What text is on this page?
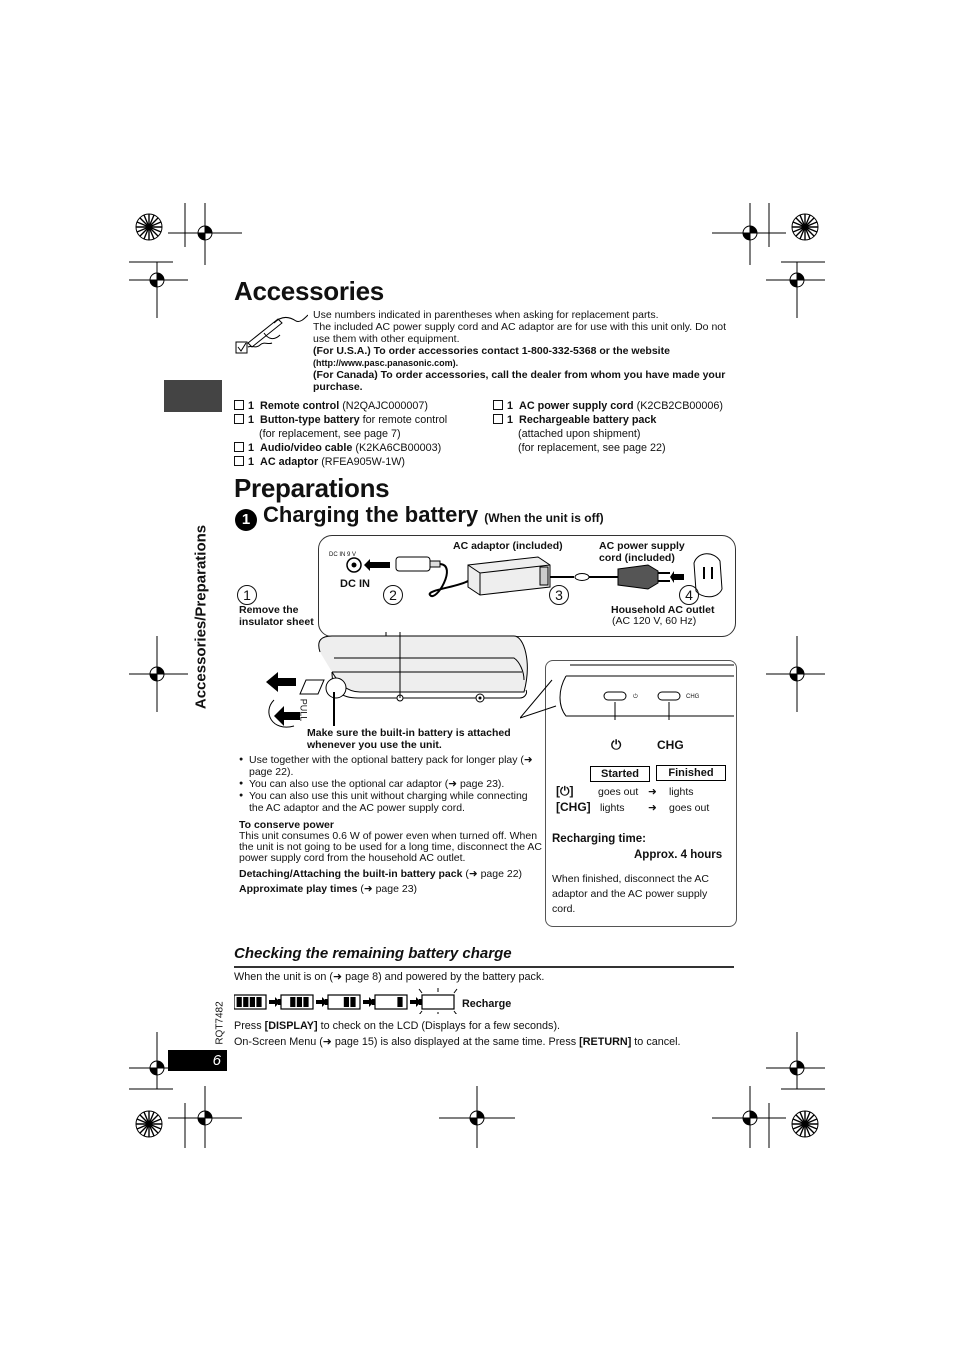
Accessories/Preparations
RQT7482
6
Accessories
Use numbers indicated in parentheses when asking for replacement parts.
The included AC power supply cord and AC adaptor are for use with this unit only. Do not use them with other equipment.
(For U.S.A.) To order accessories contact 1-800-332-5368 or the website
(http://www.pasc.panasonic.com).
(For Canada) To order accessories, call the dealer from whom you have made your purchase.
1 Remote control (N2QAJC000007)
1 Button-type battery for remote control
(for replacement, see page 7)
1 Audio/video cable (K2KA6CB00003)
1 AC adaptor (RFEA905W-1W)
1 AC power supply cord (K2CB2CB00006)
1 Rechargeable battery pack
(attached upon shipment)
(for replacement, see page 22)
Preparations
1 Charging the battery (When the unit is off)
DC IN 9 V
DC IN
AC adaptor (included)	AC power supply
cord (included)
Household AC outlet
(AC 120 V, 60 Hz)
1	2	3	4
Remove the
insulator sheet
PULL
Make sure the built-in battery is attached
whenever you use the unit.
● Use together with the optional battery pack for longer play (➜ page 22).
● You can also use the optional car adaptor (➜ page 23).
● You can also use this unit without charging while connecting the AC adaptor and the AC power supply cord.
To conserve power
This unit consumes 0.6 W of power even when turned off. When the unit is not going to be used for a long time, disconnect the AC power supply cord from the household AC outlet.
Detaching/Attaching the built-in battery pack (➜ page 22)
Approximate play times (➜ page 23)
⏻	CHG
⏻	CHG
Started	Finished
[⏻] goes out ➜ lights
[CHG] lights ➜ goes out
Recharging time:
Approx. 4 hours
When finished, disconnect the AC adaptor and the AC power supply cord.
Checking the remaining battery charge
When the unit is on (➜ page 8) and powered by the battery pack.
Recharge
Press [DISPLAY] to check on the LCD (Displays for a few seconds).
On-Screen Menu (➜ page 15) is also displayed at the same time. Press [RETURN] to cancel.
